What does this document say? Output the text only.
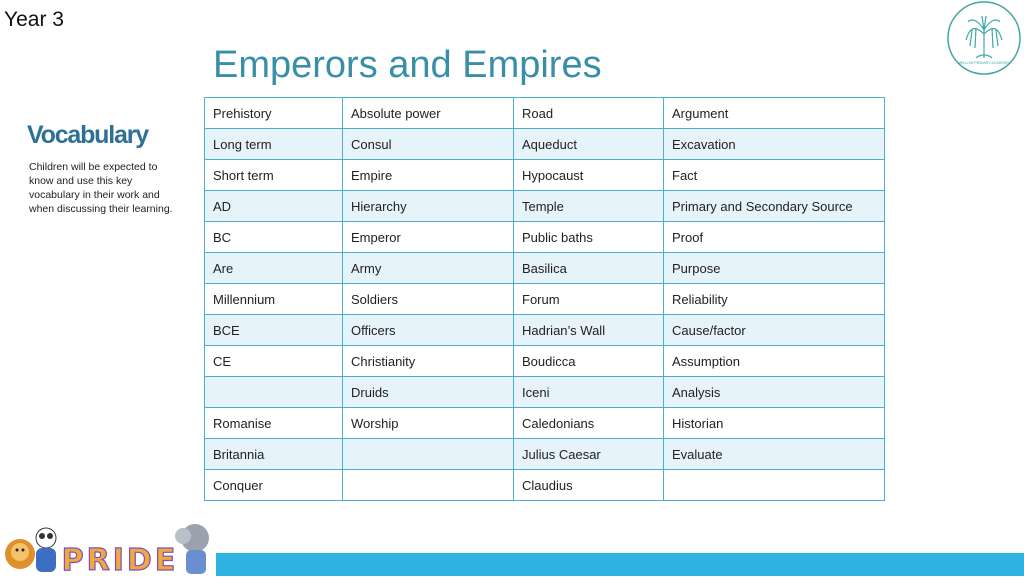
Year 3
WILLOW PRIMARY ACADEMY
Emperors and Empires
Vocabulary
Children will be expected to know and use this key vocabulary in their work and when discussing their learning.
Prehistory	Absolute power	Road	Argument
Long term	Consul	Aqueduct	Excavation
Short term	Empire	Hypocaust	Fact
AD	Hierarchy	Temple	Primary and Secondary Source
BC	Emperor	Public baths	Proof
Are	Army	Basilica	Purpose
Millennium	Soldiers	Forum	Reliability
BCE	Officers	Hadrian’s Wall	Cause/factor
CE	Christianity	Boudicca	Assumption
	Druids	Iceni	Analysis
Romanise	Worship	Caledonians	Historian
Britannia		Julius Caesar	Evaluate
Conquer		Claudius	
PRIDE
